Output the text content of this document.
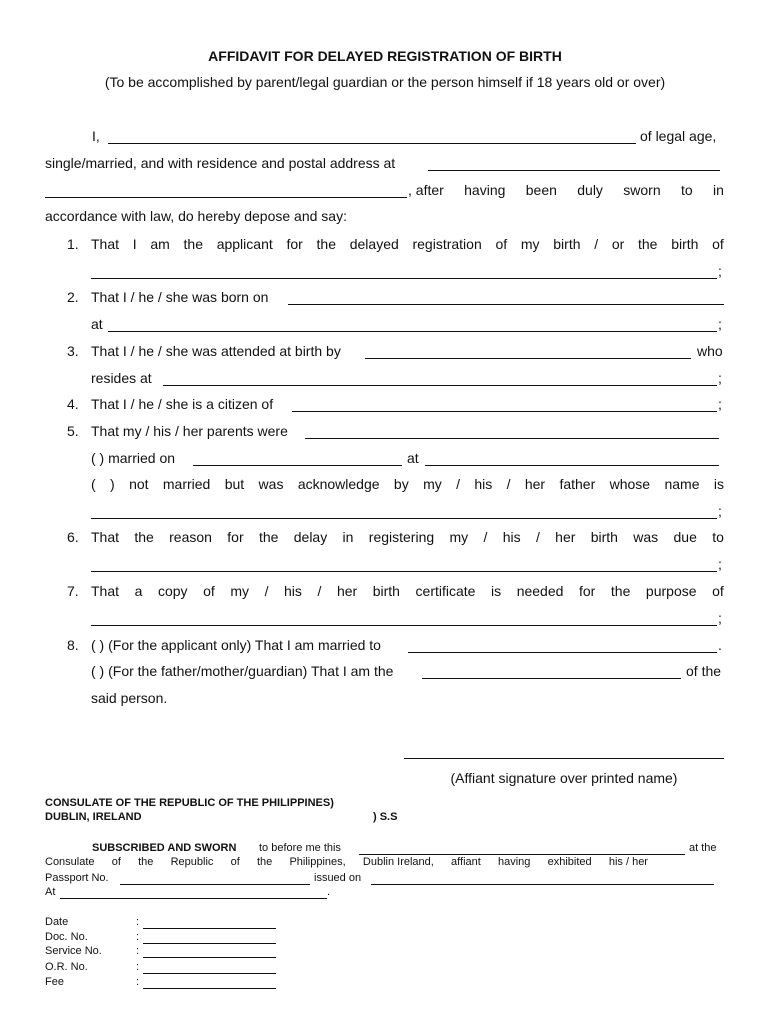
AFFIDAVIT FOR DELAYED REGISTRATION OF BIRTH
(To be accomplished by parent/legal guardian or the person himself if 18 years old or over)
I,	of legal age,
single/married, and with residence and postal address at
, after having been duly sworn to in
accordance with law, do hereby depose and say:
1. That I am the applicant for the delayed registration of my birth / or the birth of
;
2. That I / he / she was born on
at	;
3. That I / he / she was attended at birth by	who
resides at	;
4. That I / he / she is a citizen of	;
5. That my / his / her parents were
( ) married on	at
( ) not married but was acknowledge by my / his / her father whose name is
;
6. That the reason for the delay in registering my / his / her birth was due to
;
7. That a copy of my / his / her birth certificate is needed for the purpose of
;
8. ( ) (For the applicant only) That I am married to	.
( ) (For the father/mother/guardian) That I am the	of the
said person.
(Affiant signature over printed name)
CONSULATE OF THE REPUBLIC OF THE PHILIPPINES)
DUBLIN, IRELAND	) S.S
SUBSCRIBED AND SWORN to before me this	at the
Consulate of the Republic of the Philippines, Dublin Ireland, affiant having exhibited his / her
Passport No.	issued on
At	.
Date	:
Doc. No.	:
Service No.	:
O.R. No.	:
Fee	:
